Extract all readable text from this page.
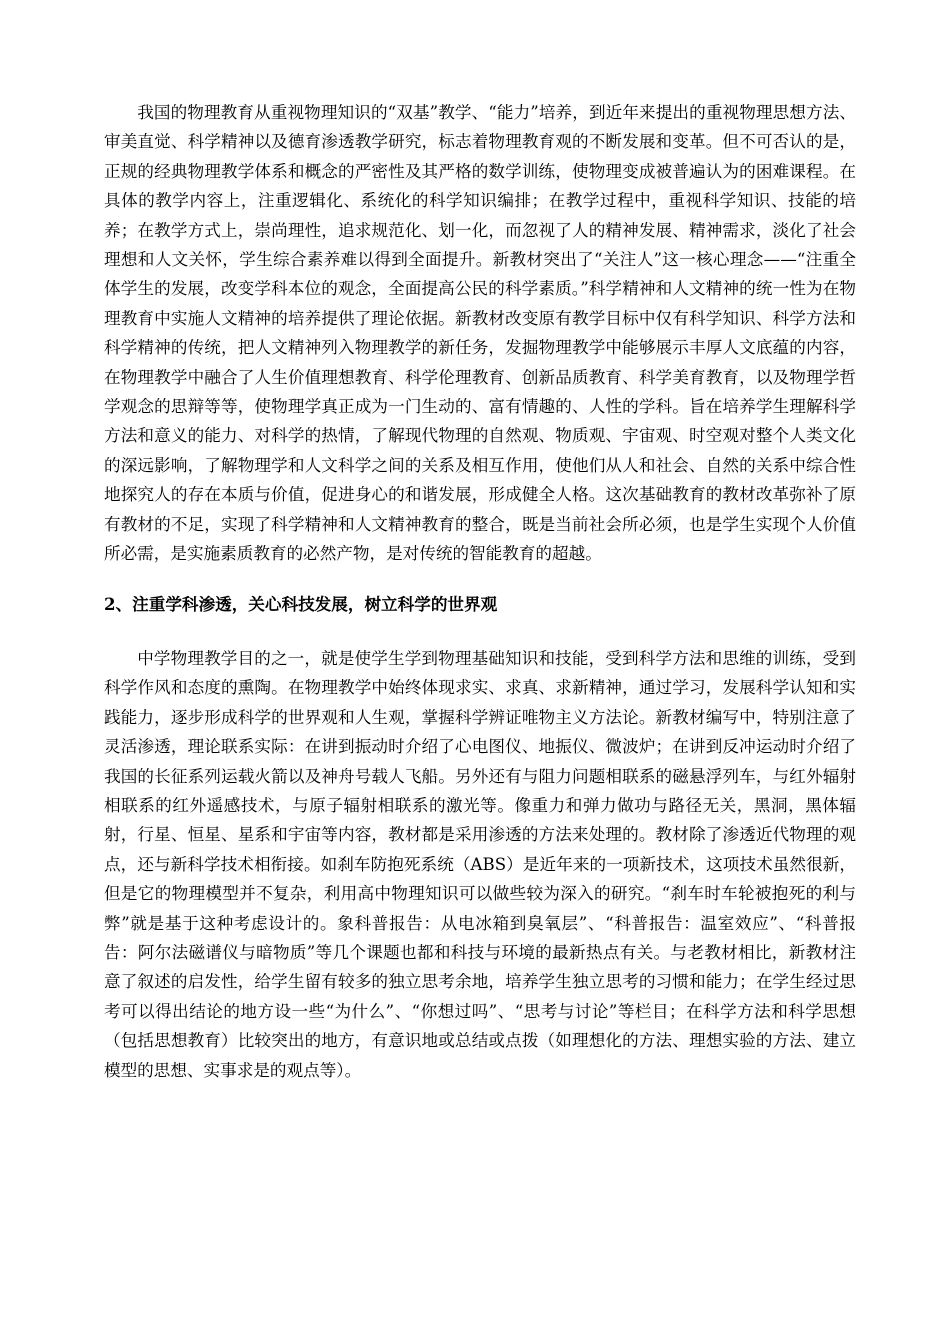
我国的物理教育从重视物理知识的“双基”教学、“能力”培养，到近年来提出的重视物理思想方法、审美直觉、科学精神以及德育渗透教学研究，标志着物理教育观的不断发展和变革。但不可否认的是，正规的经典物理教学体系和概念的严密性及其严格的数学训练，使物理变成被普遍认为的困难课程。在具体的教学内容上，注重逻辑化、系统化的科学知识编排；在教学过程中，重视科学知识、技能的培养；在教学方式上，崇尚理性，追求规范化、划一化，而忽视了人的精神发展、精神需求，淡化了社会理想和人文关怀，学生综合素养难以得到全面提升。新教材突出了“关注人”这一核心理念——“注重全体学生的发展，改变学科本位的观念，全面提高公民的科学素质。”科学精神和人文精神的统一性为在物理教育中实施人文精神的培养提供了理论依据。新教材改变原有教学目标中仅有科学知识、科学方法和科学精神的传统，把人文精神列入物理教学的新任务，发掘物理教学中能够展示丰厚人文底蕴的内容，在物理教学中融合了人生价值理想教育、科学伦理教育、创新品质教育、科学美育教育，以及物理学哲学观念的思辩等等，使物理学真正成为一门生动的、富有情趣的、人性的学科。旨在培养学生理解科学方法和意义的能力、对科学的热情，了解现代物理的自然观、物质观、宇宙观、时空观对整个人类文化的深远影响，了解物理学和人文科学之间的关系及相互作用，使他们从人和社会、自然的关系中综合性地探究人的存在本质与价值，促进身心的和谐发展，形成健全人格。这次基础教育的教材改革弥补了原有教材的不足，实现了科学精神和人文精神教育的整合，既是当前社会所必须，也是学生实现个人价值所必需，是实施素质教育的必然产物，是对传统的智能教育的超越。

2、注重学科渗透，关心科技发展，树立科学的世界观

中学物理教学目的之一，就是使学生学到物理基础知识和技能，受到科学方法和思维的训练，受到科学作风和态度的熏陶。在物理教学中始终体现求实、求真、求新精神，通过学习，发展科学认知和实践能力，逐步形成科学的世界观和人生观，掌握科学辨证唯物主义方法论。新教材编写中，特别注意了灵活渗透，理论联系实际：在讲到振动时介绍了心电图仪、地振仪、微波炉；在讲到反冲运动时介绍了我国的长征系列运载火箭以及神舟号载人飞船。另外还有与阻力问题相联系的磁悬浮列车，与红外辐射相联系的红外遥感技术，与原子辐射相联系的激光等。像重力和弹力做功与路径无关，黑洞，黑体辐射，行星、恒星、星系和宇宙等内容，教材都是采用渗透的方法来处理的。教材除了渗透近代物理的观点，还与新科学技术相衔接。如刹车防抱死系统（ABS）是近年来的一项新技术，这项技术虽然很新，但是它的物理模型并不复杂，利用高中物理知识可以做些较为深入的研究。“刹车时车轮被抱死的利与弊”就是基于这种考虑设计的。象科普报告：从电冰箱到臭氧层”、“科普报告：温室效应”、“科普报告：阿尔法磁谱仪与暗物质”等几个课题也都和科技与环境的最新热点有关。与老教材相比，新教材注意了叙述的启发性，给学生留有较多的独立思考余地，培养学生独立思考的习惯和能力；在学生经过思考可以得出结论的地方设一些“为什么”、“你想过吗”、“思考与讨论”等栏目；在科学方法和科学思想（包括思想教育）比较突出的地方，有意识地或总结或点拨（如理想化的方法、理想实验的方法、建立模型的思想、实事求是的观点等）。
